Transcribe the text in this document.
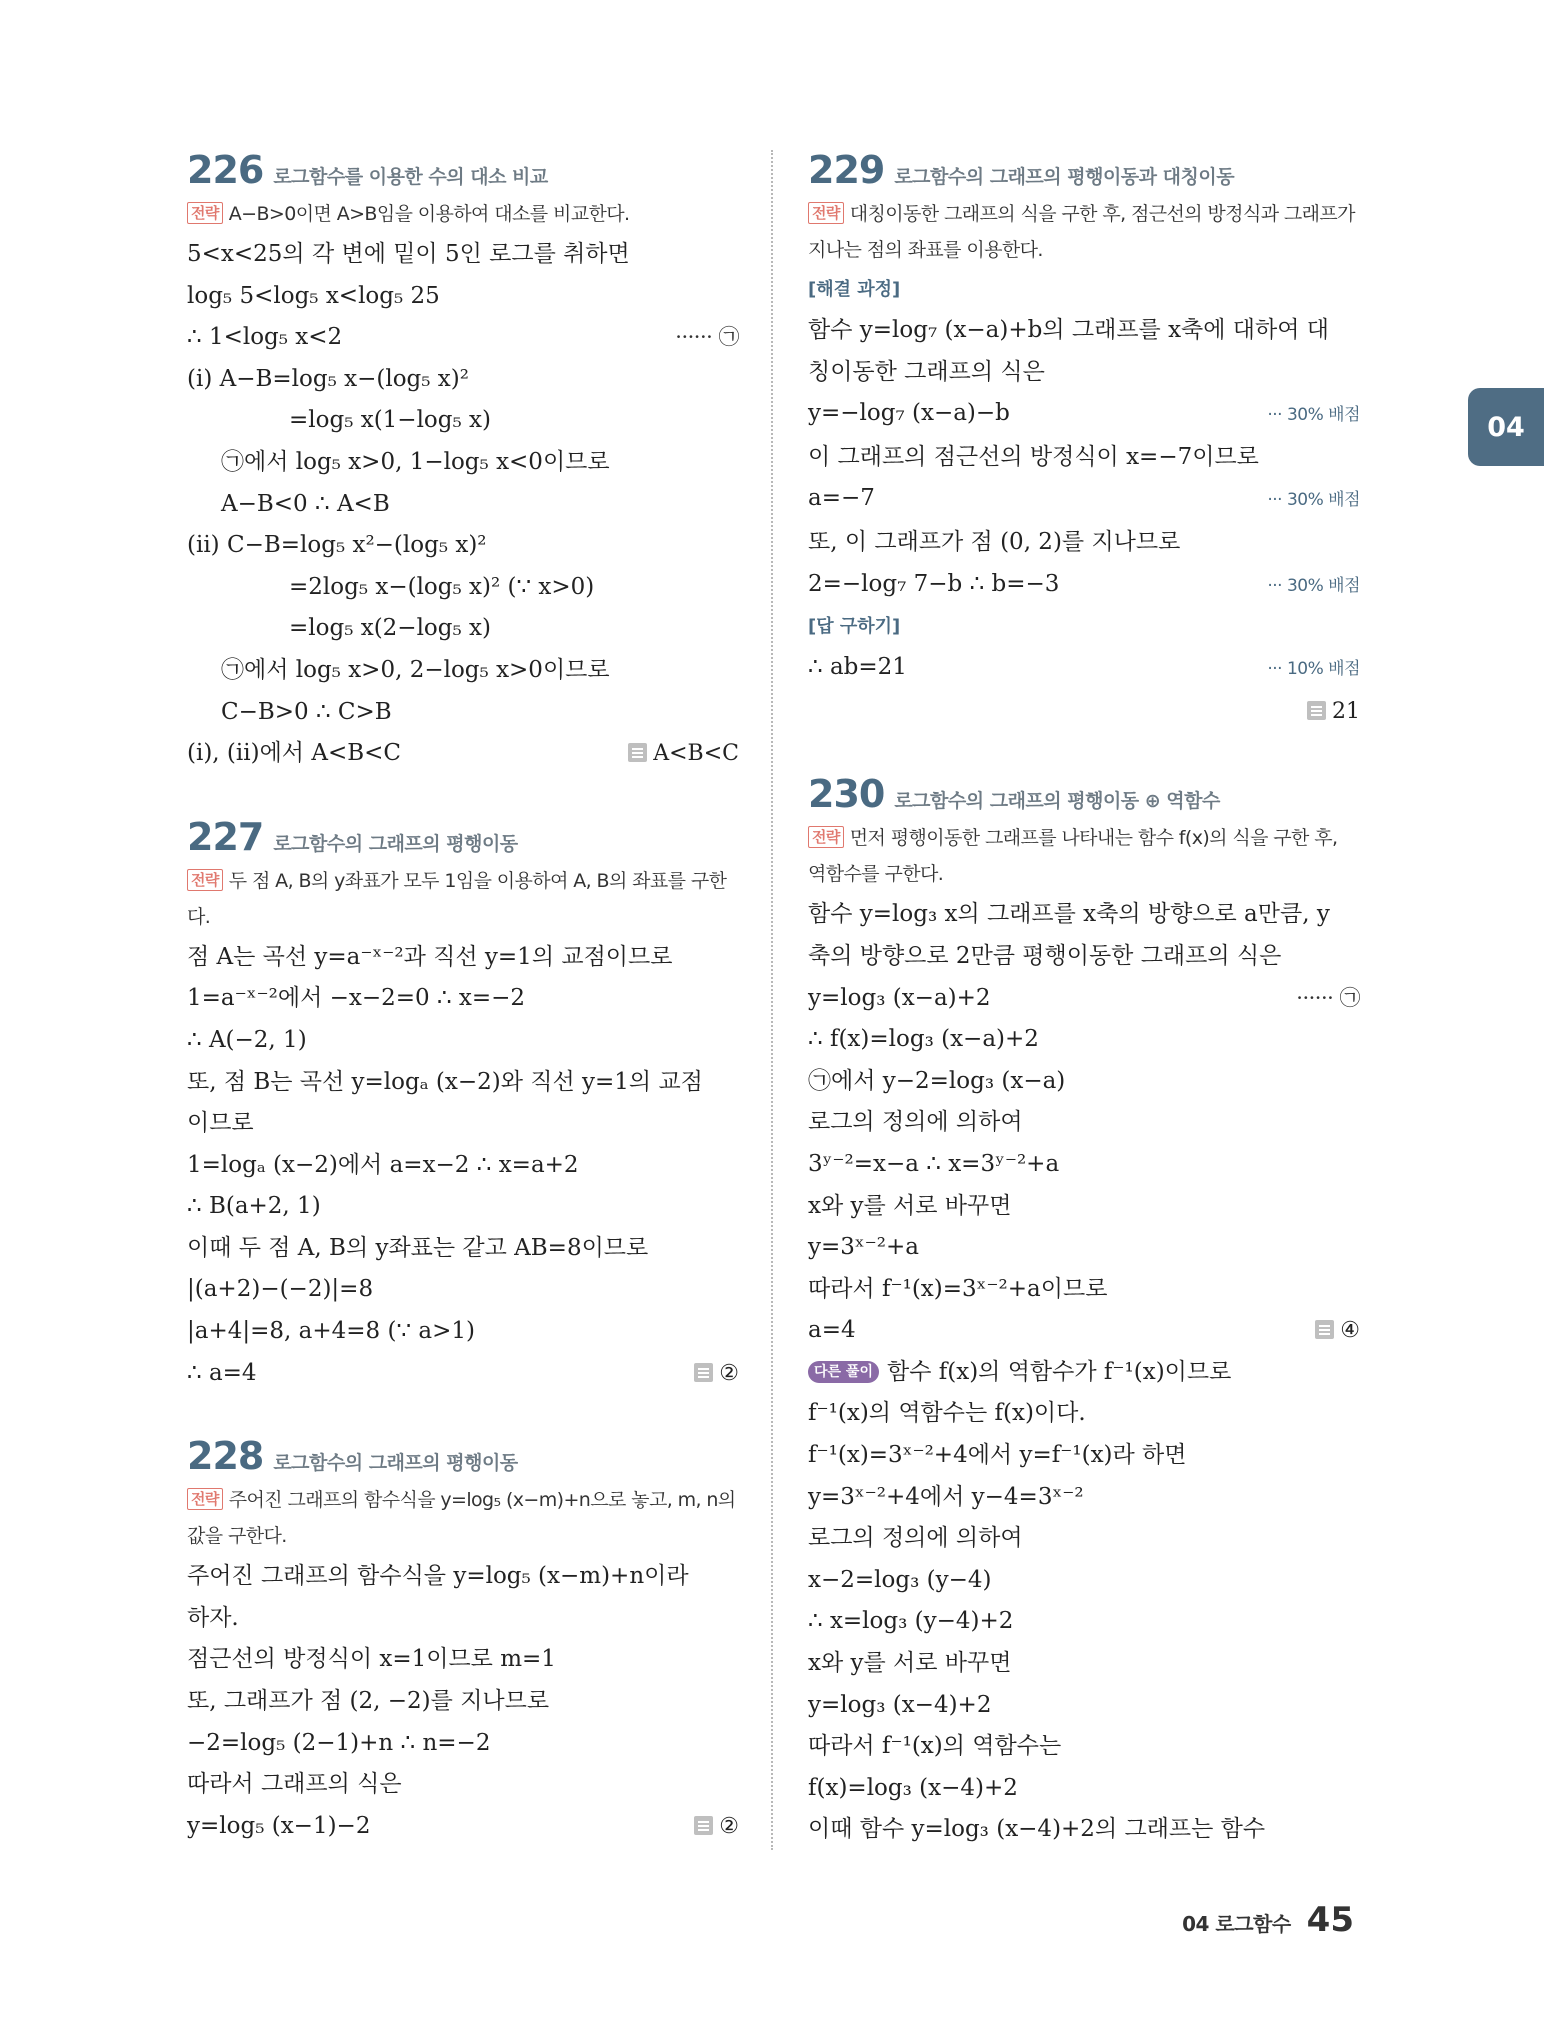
226 로그함수를 이용한 수의 대소 비교
전략 A−B>0이면 A>B임을 이용하여 대소를 비교한다.
5<x<25의 각 변에 밑이 5인 로그를 취하면
log₅ 5<log₅ x<log₅ 25
∴ 1<log₅ x<2	······ ㉠
(i) A−B=log₅ x−(log₅ x)²
=log₅ x(1−log₅ x)
㉠에서 log₅ x>0, 1−log₅ x<0이므로
A−B<0 ∴ A<B
(ii) C−B=log₅ x²−(log₅ x)²
=2log₅ x−(log₅ x)² (∵ x>0)
=log₅ x(2−log₅ x)
㉠에서 log₅ x>0, 2−log₅ x>0이므로
C−B>0 ∴ C>B
(i), (ii)에서 A<B<C	A<B<C
227 로그함수의 그래프의 평행이동
전략 두 점 A, B의 y좌표가 모두 1임을 이용하여 A, B의 좌표를 구한다.
점 A는 곡선 y=a⁻ˣ⁻²과 직선 y=1의 교점이므로
1=a⁻ˣ⁻²에서 −x−2=0 ∴ x=−2
∴ A(−2, 1)
또, 점 B는 곡선 y=logₐ (x−2)와 직선 y=1의 교점
이므로
1=logₐ (x−2)에서 a=x−2 ∴ x=a+2
∴ B(a+2, 1)
이때 두 점 A, B의 y좌표는 같고 AB=8이므로
|(a+2)−(−2)|=8
|a+4|=8, a+4=8 (∵ a>1)
∴ a=4	②
228 로그함수의 그래프의 평행이동
전략 주어진 그래프의 함수식을 y=log₅ (x−m)+n으로 놓고, m, n의 값을 구한다.
주어진 그래프의 함수식을 y=log₅ (x−m)+n이라
하자.
점근선의 방정식이 x=1이므로 m=1
또, 그래프가 점 (2, −2)를 지나므로
−2=log₅ (2−1)+n ∴ n=−2
따라서 그래프의 식은
y=log₅ (x−1)−2	②
229 로그함수의 그래프의 평행이동과 대칭이동
전략 대칭이동한 그래프의 식을 구한 후, 점근선의 방정식과 그래프가 지나는 점의 좌표를 이용한다.
[해결 과정]
함수 y=log₇ (x−a)+b의 그래프를 x축에 대하여 대
칭이동한 그래프의 식은
y=−log₇ (x−a)−b	··· 30% 배점
이 그래프의 점근선의 방정식이 x=−7이므로
a=−7	··· 30% 배점
또, 이 그래프가 점 (0, 2)를 지나므로
2=−log₇ 7−b ∴ b=−3	··· 30% 배점
[답 구하기]
∴ ab=21	··· 10% 배점
21
230 로그함수의 그래프의 평행이동 ⊕ 역함수
전략 먼저 평행이동한 그래프를 나타내는 함수 f(x)의 식을 구한 후, 역함수를 구한다.
함수 y=log₃ x의 그래프를 x축의 방향으로 a만큼, y
축의 방향으로 2만큼 평행이동한 그래프의 식은
y=log₃ (x−a)+2	······ ㉠
∴ f(x)=log₃ (x−a)+2
㉠에서 y−2=log₃ (x−a)
로그의 정의에 의하여
3ʸ⁻²=x−a ∴ x=3ʸ⁻²+a
x와 y를 서로 바꾸면
y=3ˣ⁻²+a
따라서 f⁻¹(x)=3ˣ⁻²+a이므로
a=4	④
다른 풀이 함수 f(x)의 역함수가 f⁻¹(x)이므로
f⁻¹(x)의 역함수는 f(x)이다.
f⁻¹(x)=3ˣ⁻²+4에서 y=f⁻¹(x)라 하면
y=3ˣ⁻²+4에서 y−4=3ˣ⁻²
로그의 정의에 의하여
x−2=log₃ (y−4)
∴ x=log₃ (y−4)+2
x와 y를 서로 바꾸면
y=log₃ (x−4)+2
따라서 f⁻¹(x)의 역함수는
f(x)=log₃ (x−4)+2
이때 함수 y=log₃ (x−4)+2의 그래프는 함수
04
04 로그함수 45
